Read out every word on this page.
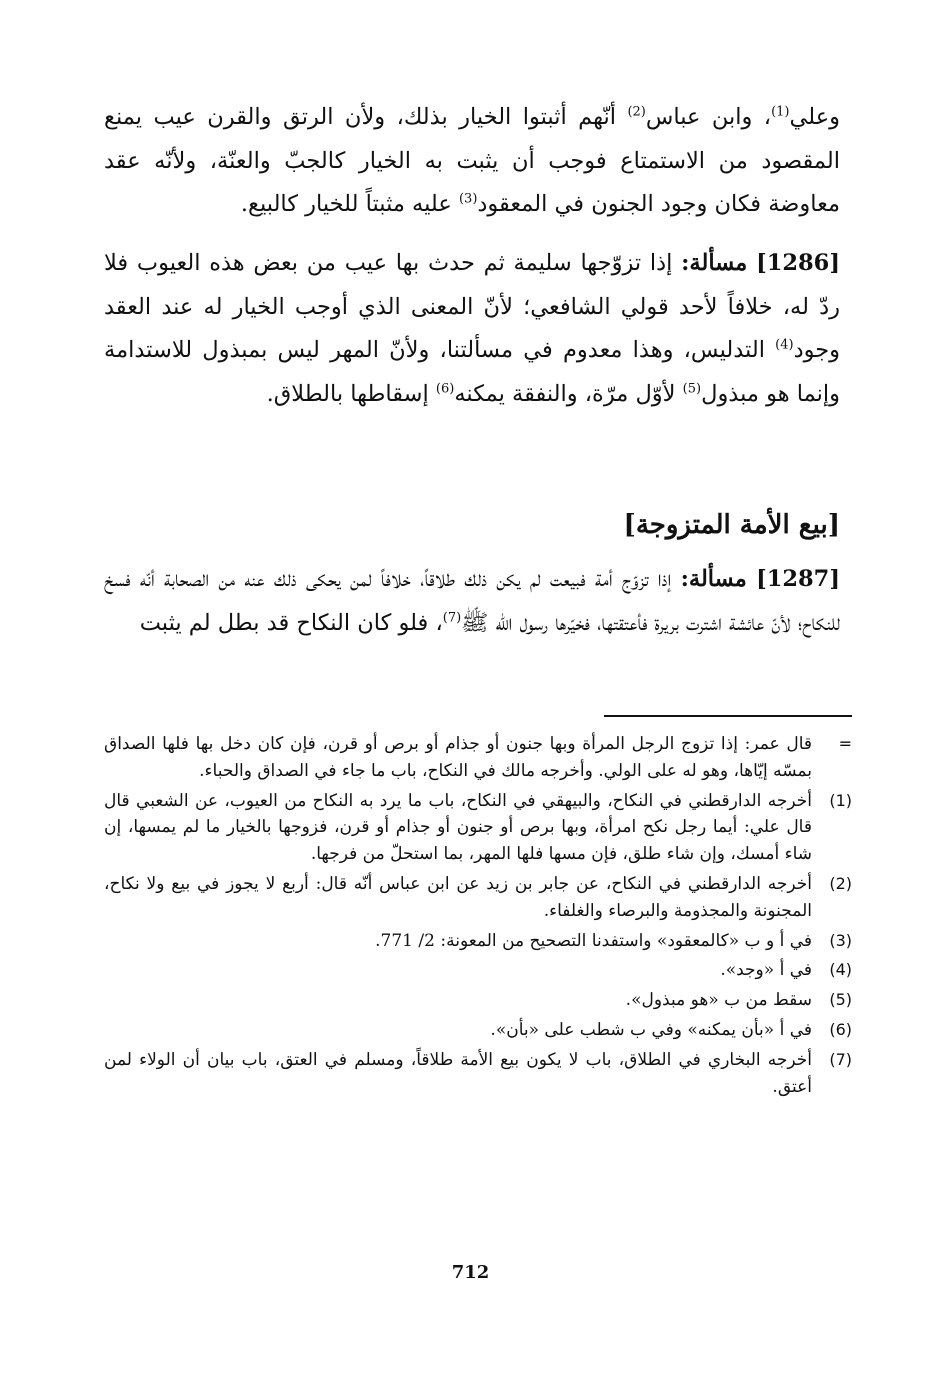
وعلي$^{(1)}$، وابن عباس$^{(2)}$ أنّهم أثبتوا الخيار بذلك، ولأن الرتق والقرن عيب يمنع المقصود من الاستمتاع فوجب أن يثبت به الخيار كالجبّ والعنّة، ولأنّه عقد معاوضة فكان وجود الجنون في المعقود$^{(3)}$ عليه مثبتاً للخيار كالبيع.

[1286] مسألة: إذا تزوّجها سليمة ثم حدث بها عيب من بعض هذه العيوب فلا ردّ له، خلافاً لأحد قولي الشافعي؛ لأنّ المعنى الذي أوجب الخيار له عند العقد وجود$^{(4)}$ التدليس، وهذا معدوم في مسألتنا، ولأنّ المهر ليس بمبذول للاستدامة وإنما هو مبذول$^{(5)}$ لأوّل مرّة، والنفقة يمكنه$^{(6)}$ إسقاطها بالطلاق.

[بيع الأمة المتزوجة]

[1287] مسألة: إذا تزوّج أمة فبيعت لم يكن ذلك طلاقاً، خلافاً لمن يحكى ذلك عنه من الصحابة أنّه فسخ للنكاح؛ لأنّ عائشة اشترت بريرة فأعتقتها، فخيّرها رسول الله ﷺ$^{(7)}$، فلو كان النكاح قد بطل لم يثبت

=
قال عمر: إذا تزوج الرجل المرأة وبها جنون أو جذام أو برص أو قرن، فإن كان دخل بها فلها الصداق بمسّه إيّاها، وهو له على الولي. وأخرجه مالك في النكاح، باب ما جاء في الصداق والحباء.
(1)
أخرجه الدارقطني في النكاح، والبيهقي في النكاح، باب ما يرد به النكاح من العيوب، عن الشعبي قال قال علي: أيما رجل نكح امرأة، وبها برص أو جنون أو جذام أو قرن، فزوجها بالخيار ما لم يمسها، إن شاء أمسك، وإن شاء طلق، فإن مسها فلها المهر، بما استحلّ من فرجها.
(2)
أخرجه الدارقطني في النكاح، عن جابر بن زيد عن ابن عباس أنّه قال: أربع لا يجوز في بيع ولا نكاح، المجنونة والمجذومة والبرصاء والغلفاء.
(3)
في أ و ب «كالمعقود» واستفدنا التصحيح من المعونة: 2/ 771.
(4)
في أ «وجد».
(5)
سقط من ب «هو مبذول».
(6)
في أ «بأن يمكنه» وفي ب شطب على «بأن».
(7)
أخرجه البخاري في الطلاق، باب لا يكون بيع الأمة طلاقاً، ومسلم في العتق، باب بيان أن الولاء لمن أعتق.
712
